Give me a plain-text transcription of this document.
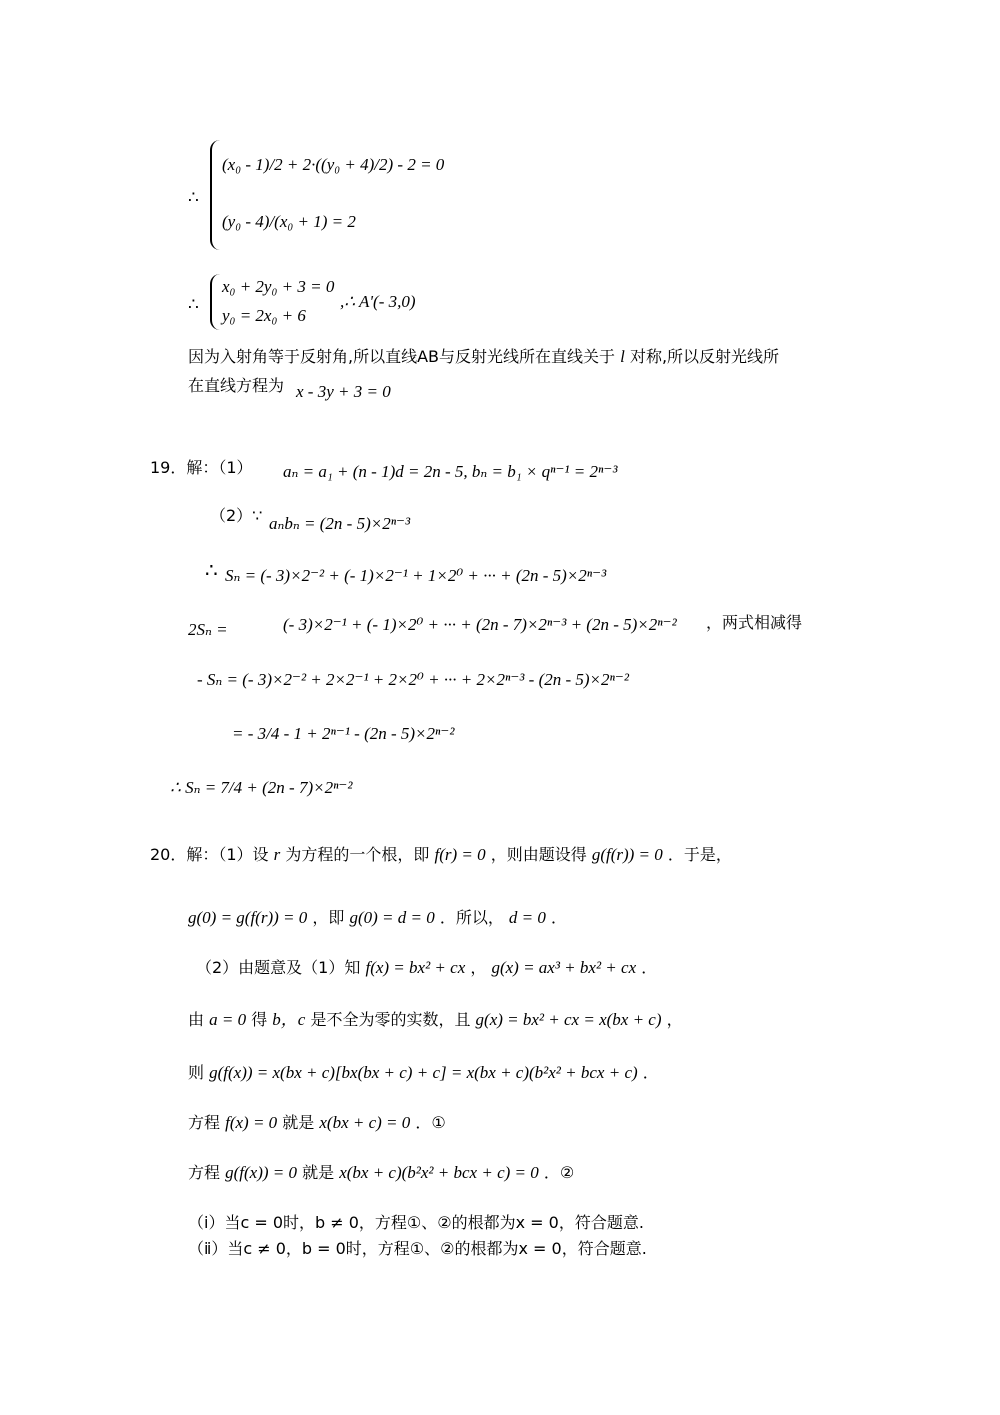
∴
(x₀ - 1)/2 + 2·((y₀ + 4)/2) - 2 = 0
(y₀ - 4)/(x₀ + 1) = 2
∴
x₀ + 2y₀ + 3 = 0
y₀ = 2x₀ + 6
,∴ A'(- 3,0)
因为入射角等于反射角,所以直线AB与反射光线所在直线关于 l 对称,所以反射光线所
在直线方程为 x - 3y + 3 = 0
19．解：（1） aₙ = a₁ + (n - 1)d = 2n - 5, bₙ = b₁ × qⁿ⁻¹ = 2ⁿ⁻³
（2）∵ aₙbₙ = (2n - 5)×2ⁿ⁻³
∴ Sₙ = (- 3)×2⁻² + (- 1)×2⁻¹ + 1×2⁰ + ··· + (2n - 5)×2ⁿ⁻³
2Sₙ =	(- 3)×2⁻¹ + (- 1)×2⁰ + ··· + (2n - 7)×2ⁿ⁻³ + (2n - 5)×2ⁿ⁻² ，两式相减得
- Sₙ = (- 3)×2⁻² + 2×2⁻¹ + 2×2⁰ + ··· + 2×2ⁿ⁻³ - (2n - 5)×2ⁿ⁻²
= - 3/4 - 1 + 2ⁿ⁻¹ - (2n - 5)×2ⁿ⁻²
∴ Sₙ = 7/4 + (2n - 7)×2ⁿ⁻²
20．解：（1）设 r 为方程的一个根，即 f(r) = 0 ，则由题设得 g(f(r)) = 0 ．于是，
g(0) = g(f(r)) = 0 ，即 g(0) = d = 0 ．所以， d = 0 ．
（2）由题意及（1）知 f(x) = bx² + cx ， g(x) = ax³ + bx² + cx ．
由 a = 0 得 b，c 是不全为零的实数，且 g(x) = bx² + cx = x(bx + c) ，
则 g(f(x)) = x(bx + c)[bx(bx + c) + c] = x(bx + c)(b²x² + bcx + c) ．
方程 f(x) = 0 就是 x(bx + c) = 0 ．①
方程 g(f(x)) = 0 就是 x(bx + c)(b²x² + bcx + c) = 0 ．②
（ⅰ）当c = 0时，b ≠ 0，方程①、②的根都为x = 0，符合题意.
（ⅱ）当c ≠ 0，b = 0时，方程①、②的根都为x = 0，符合题意.
